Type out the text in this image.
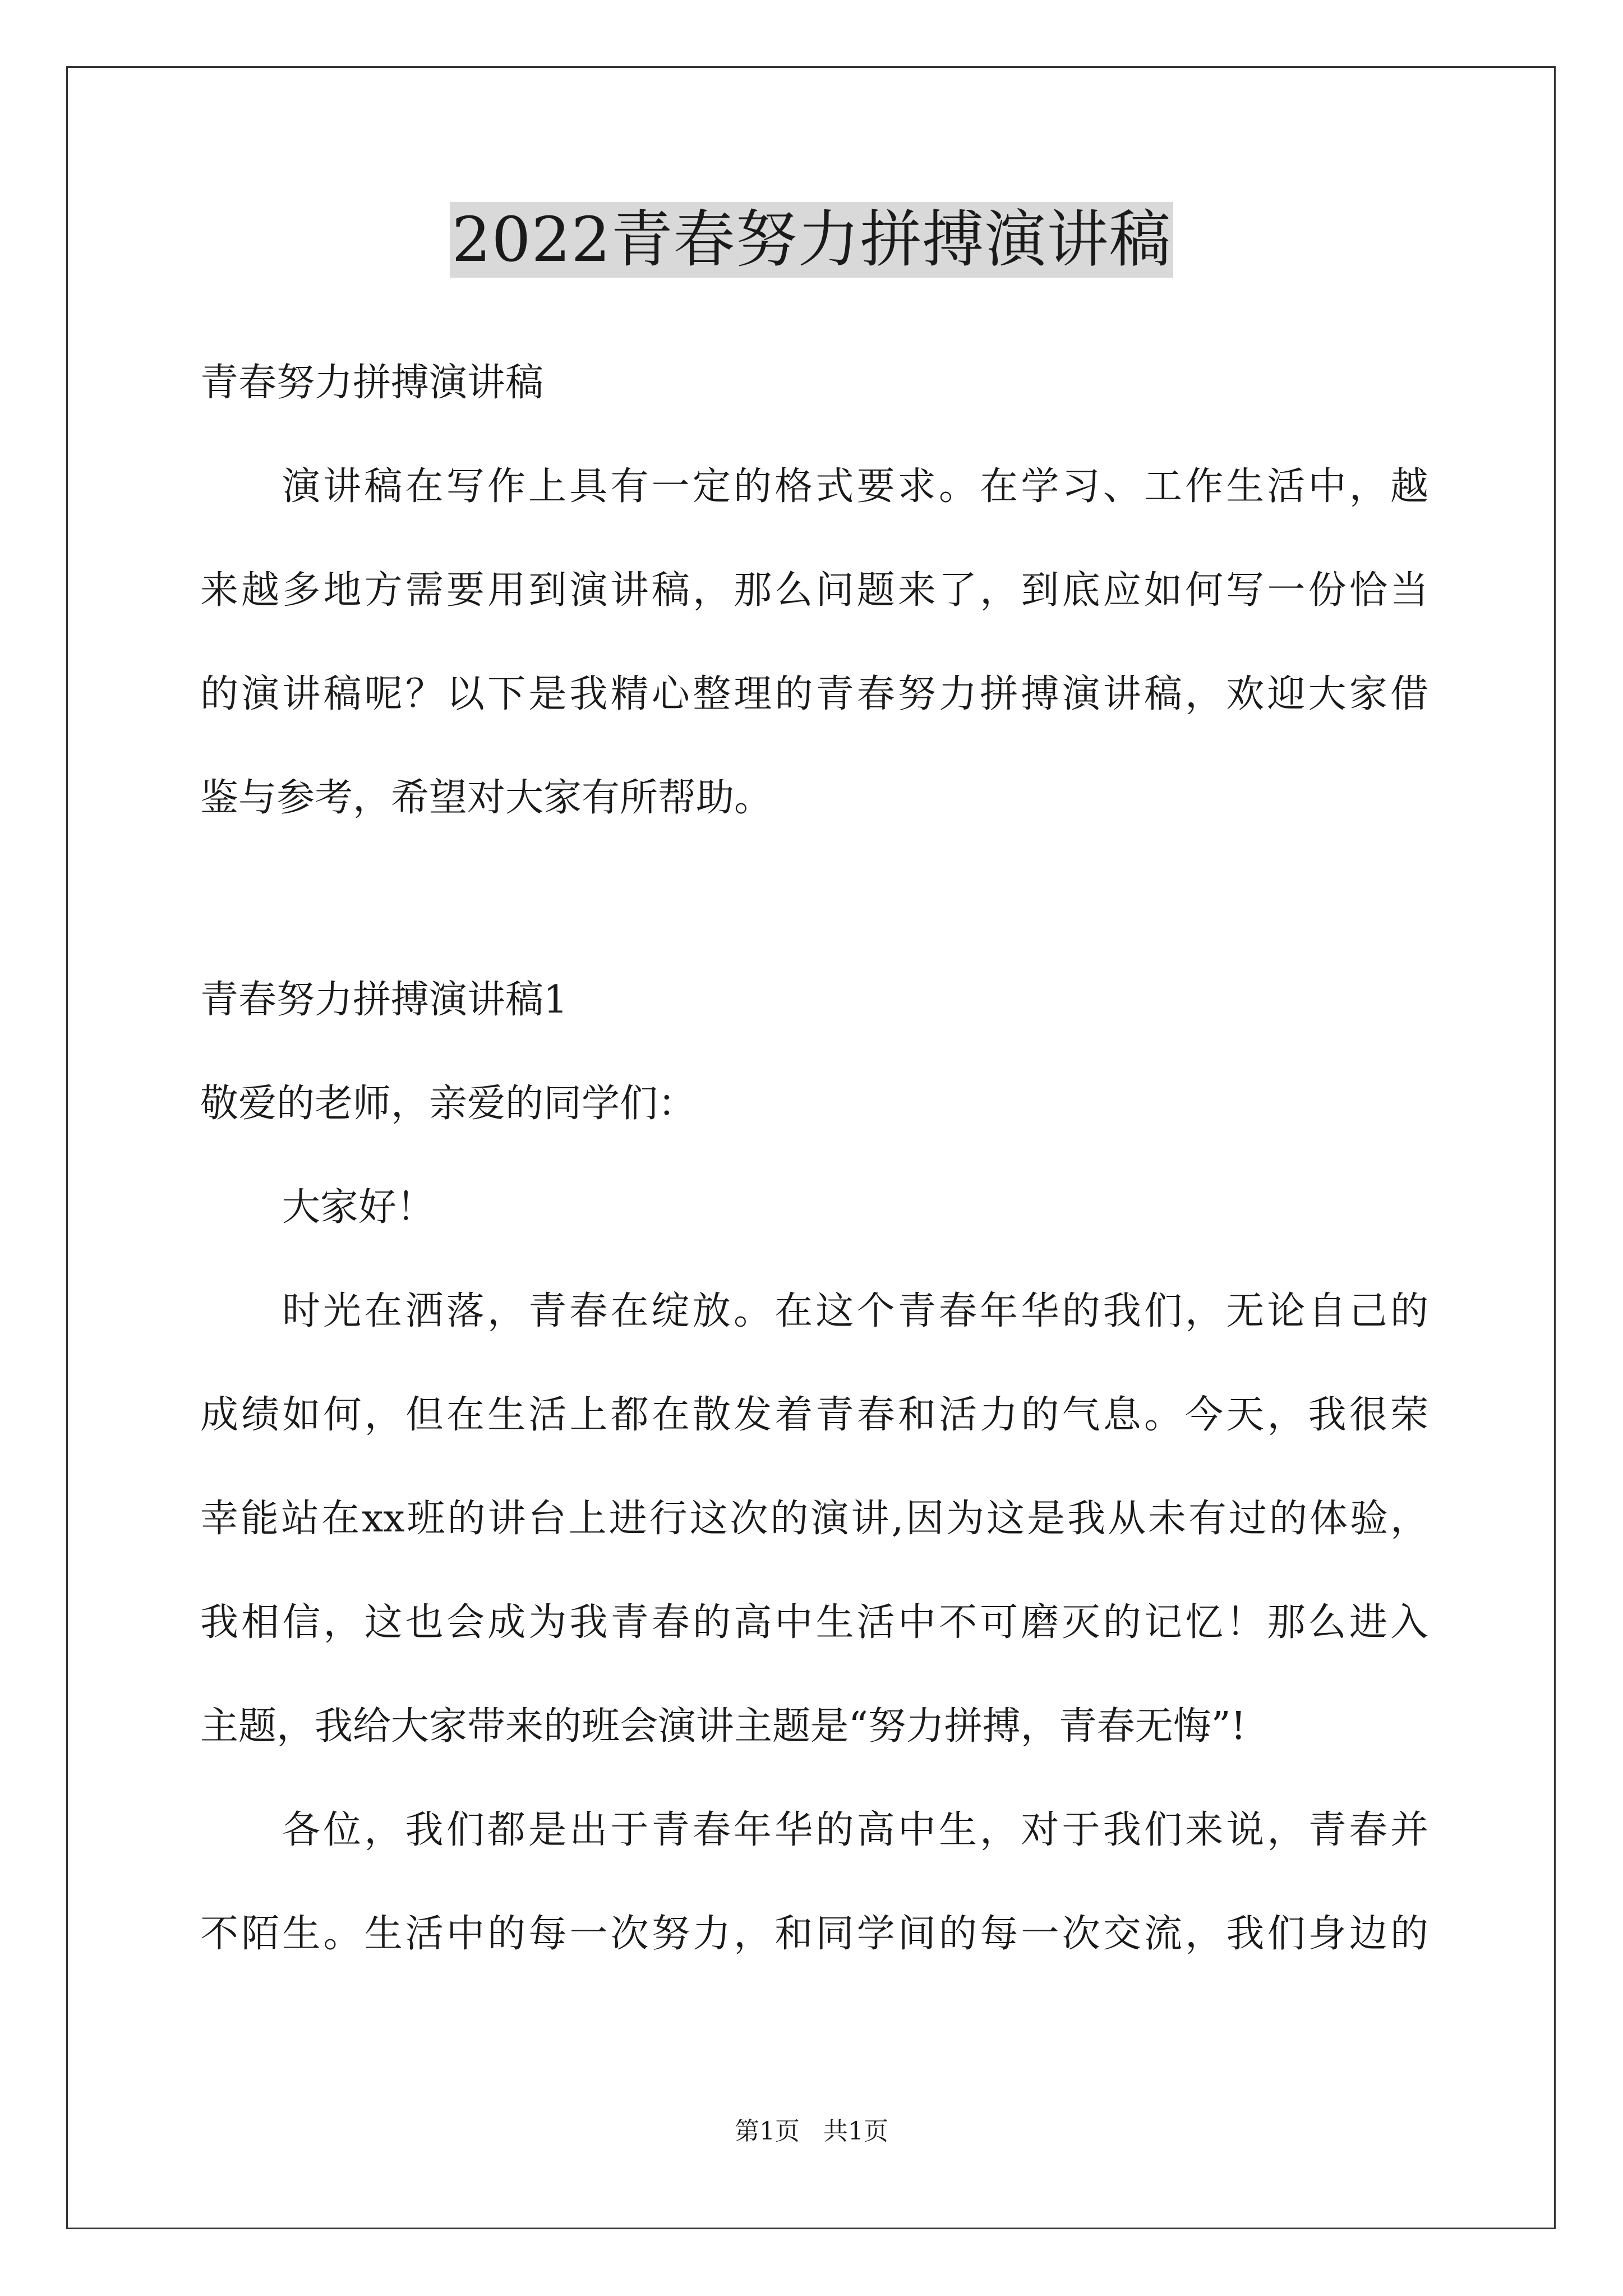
2022青春努力拼搏演讲稿
青春努力拼搏演讲稿
演讲稿在写作上具有一定的格式要求。在学习、工作生活中，越
来越多地方需要用到演讲稿，那么问题来了，到底应如何写一份恰当
的演讲稿呢？以下是我精心整理的青春努力拼搏演讲稿，欢迎大家借
鉴与参考，希望对大家有所帮助。
青春努力拼搏演讲稿1
敬爱的老师，亲爱的同学们：
大家好！
时光在洒落，青春在绽放。在这个青春年华的我们，无论自己的
成绩如何，但在生活上都在散发着青春和活力的气息。今天，我很荣
幸能站在xx班的讲台上进行这次的演讲,因为这是我从未有过的体验，
我相信，这也会成为我青春的高中生活中不可磨灭的记忆！那么进入
主题，我给大家带来的班会演讲主题是“努力拼搏，青春无悔”!
各位，我们都是出于青春年华的高中生，对于我们来说，青春并
不陌生。生活中的每一次努力，和同学间的每一次交流，我们身边的
第1页   共1页
